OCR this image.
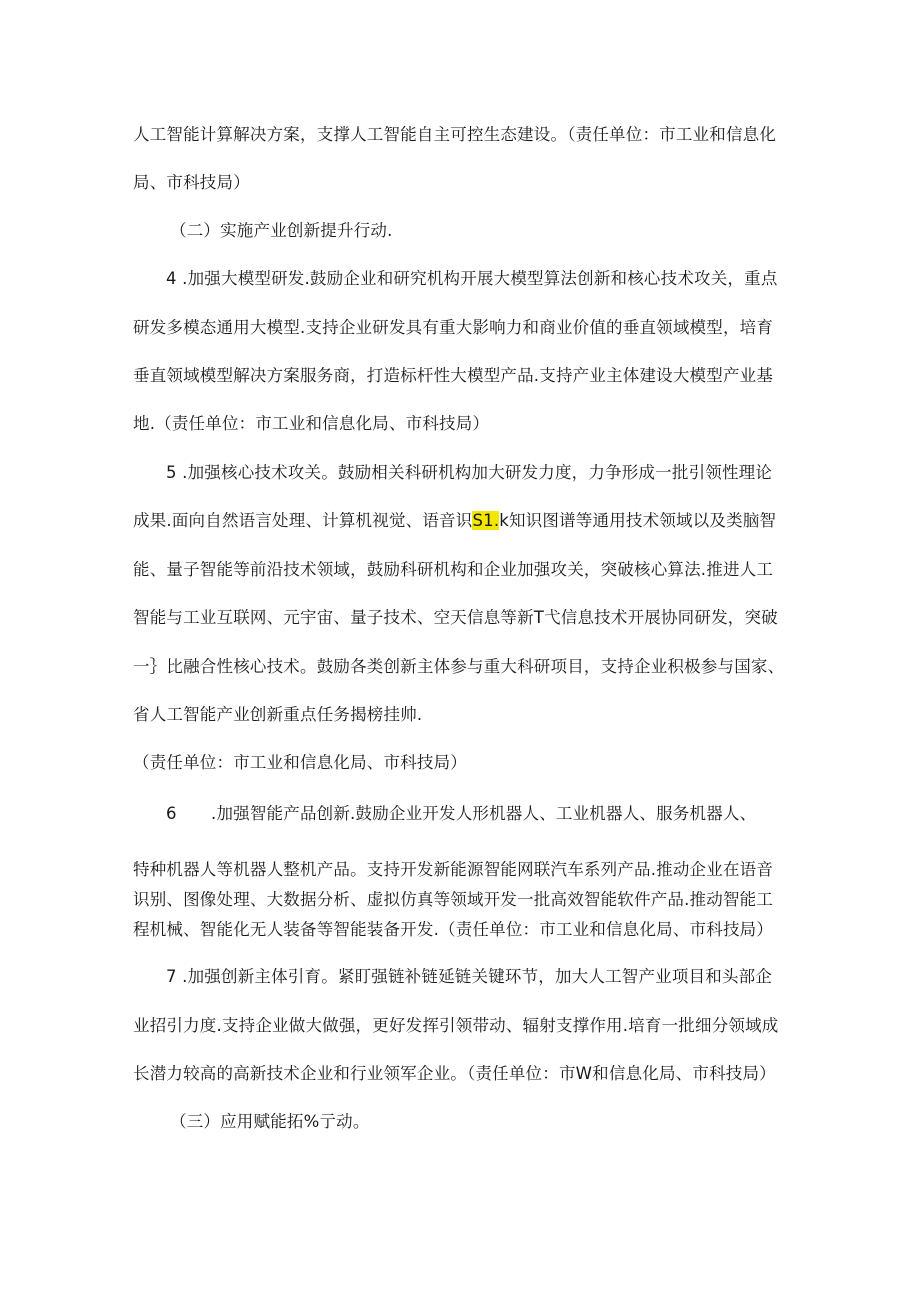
人工智能计算解决方案，支撑人工智能自主可控生态建设。（责任单位：市工业和信息化
局、市科技局）
（二）实施产业创新提升行动.
4 .加强大模型研发.鼓励企业和研究机构开展大模型算法创新和核心技术攻关，重点
研发多模态通用大模型.支持企业研发具有重大影响力和商业价值的垂直领域模型，培育
垂直领域模型解决方案服务商，打造标杆性大模型产品.支持产业主体建设大模型产业基
地.（责任单位：市工业和信息化局、市科技局）
5 .加强核心技术攻关。鼓励相关科研机构加大研发力度，力争形成一批引领性理论
成果.面向自然语言处理、计算机视觉、语音识S1.k知识图谱等通用技术领域以及类脑智
能、量子智能等前沿技术领域，鼓励科研机构和企业加强攻关，突破核心算法.推进人工
智能与工业互联网、元宇宙、量子技术、空天信息等新T弋信息技术开展协同研发，突破
一｝比融合性核心技术。鼓励各类创新主体参与重大科研项目，支持企业积极参与国家、
省人工智能产业创新重点任务揭榜挂帅.
（责任单位：市工业和信息化局、市科技局）
6 .加强智能产品创新.鼓励企业开发人形机器人、工业机器人、服务机器人、
特种机器人等机器人整机产品。支持开发新能源智能网联汽车系列产品.推动企业在语音
识别、图像处理、大数据分析、虚拟仿真等领域开发一批高效智能软件产品.推动智能工
程机械、智能化无人装备等智能装备开发.（责任单位：市工业和信息化局、市科技局）
7 .加强创新主体引育。紧盯强链补链延链关键环节，加大人工智产业项目和头部企
业招引力度.支持企业做大做强，更好发挥引领带动、辐射支撑作用.培育一批细分领域成
长潜力较高的高新技术企业和行业领军企业。（责任单位：市W和信息化局、市科技局）
（三）应用赋能拓%亍动。
